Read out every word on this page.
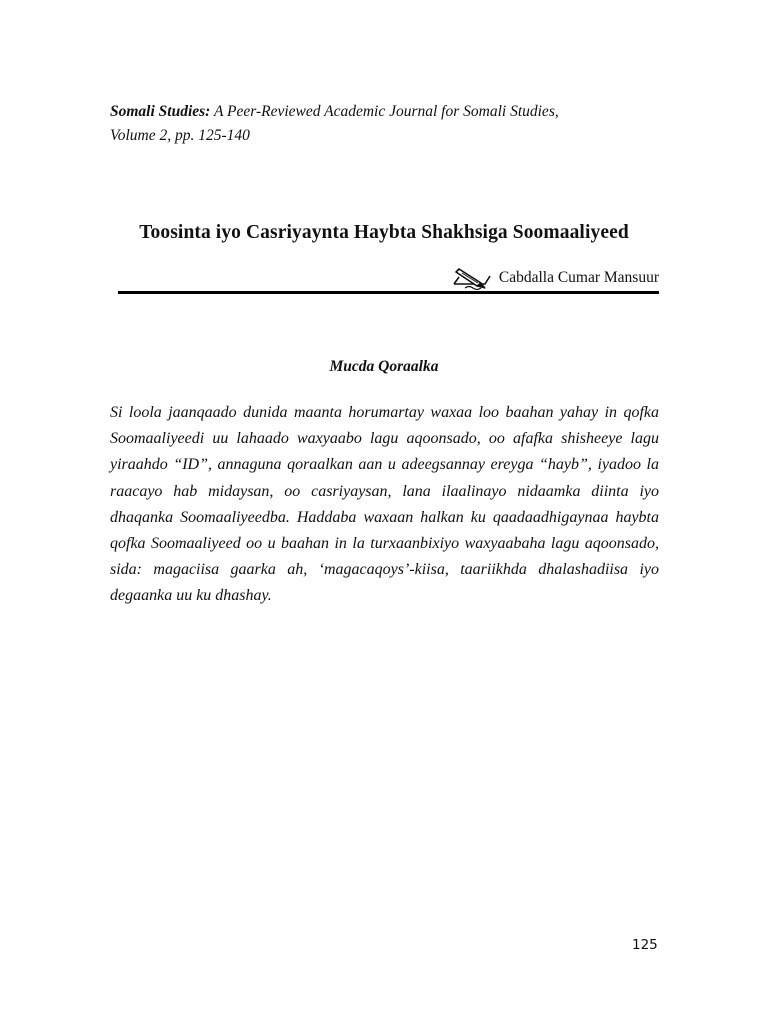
Somali Studies: A Peer-Reviewed Academic Journal for Somali Studies,
Volume 2, pp. 125-140
Toosinta iyo Casriyaynta Haybta Shakhsiga Soomaaliyeed
Cabdalla Cumar Mansuur
Mucda Qoraalka

Si loola jaanqaado dunida maanta horumartay waxaa loo baahan yahay in qofka Soomaaliyeedi uu lahaado waxyaabo lagu aqoonsado, oo afafka shisheeye lagu yiraahdo “ID”, annaguna qoraalkan aan u adeegsannay ereyga “hayb”, iyadoo la raacayo hab midaysan, oo casriyaysan, lana ilaalinayo nidaamka diinta iyo dhaqanka Soomaaliyeedba. Haddaba waxaan halkan ku qaadaadhigaynaa haybta qofka Soomaaliyeed oo u baahan in la turxaanbixiyo waxyaabaha lagu aqoonsado, sida: magaciisa gaarka ah, ‘magacaqoys’-kiisa, taariikhda dhalashadiisa iyo degaanka uu ku dhashay.

125
